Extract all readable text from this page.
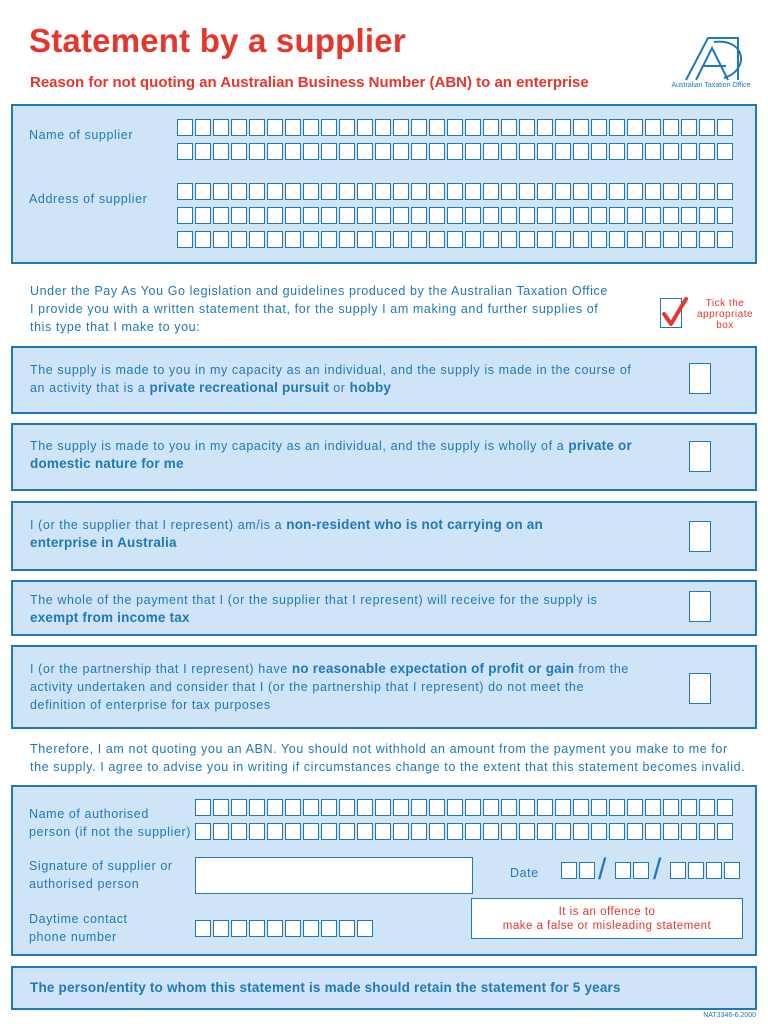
Statement by a supplier
Reason for not quoting an Australian Business Number (ABN) to an enterprise	Australian Taxation Office
Name of supplier
Address of supplier
Under the Pay As You Go legislation and guidelines produced by the Australian Taxation Office
I provide you with a written statement that, for the supply I am making and further supplies of
this type that I make to you:
Tick the
appropriate
box
The supply is made to you in my capacity as an individual, and the supply is made in the course of
an activity that is a private recreational pursuit or hobby
The supply is made to you in my capacity as an individual, and the supply is wholly of a private or
domestic nature for me
I (or the supplier that I represent) am/is a non-resident who is not carrying on an
enterprise in Australia
The whole of the payment that I (or the supplier that I represent) will receive for the supply is
exempt from income tax
I (or the partnership that I represent) have no reasonable expectation of profit or gain from the
activity undertaken and consider that I (or the partnership that I represent) do not meet the
definition of enterprise for tax purposes
Therefore, I am not quoting you an ABN. You should not withhold an amount from the payment you make to me for
the supply. I agree to advise you in writing if circumstances change to the extent that this statement becomes invalid.
Name of authorised
person (if not the supplier)
Signature of supplier or
authorised person
Date / /
Daytime contact
phone number
It is an offence to
make a false or misleading statement
The person/entity to whom this statement is made should retain the statement for 5 years
NAT3346-6.2000
